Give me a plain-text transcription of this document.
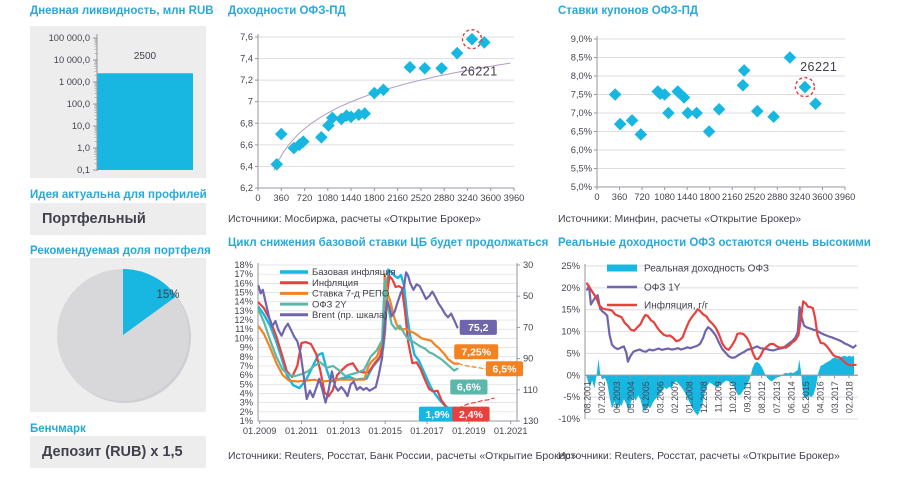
Дневная ликвидность, млн RUB
100 000,0
10 000,0
1 000,0
100,0
10,0
1,0
0,1
2500
Идея актуальна для профилей
Портфельный
Рекомендуемая доля портфеля
15%
Бенчмарк
Депозит (RUB) x 1,5
Доходности ОФЗ-ПД
6,2
6,4
6,6
6,8
7
7,2
7,4
7,6
0 360 720 1080 1440 1800 2160 2520 2880 3240 3600 3960
26221
Источники: Мосбиржа, расчеты «Открытие Брокер»
Цикл снижения базовой ставки ЦБ будет продолжаться
1%
2%
3%
4%
5%
6%
7%
8%
9%
10%
11%
12%
13%
14%
15%
16%
17%
18%	30
50
70
90
110
130
01.2009 01.2011 01.2013 01.2015 01.2017 01.2019 01.2021
Базовая инфляция
Инфляция
Ставка 7-д РЕПО
ОФЗ 2Y
Brent (пр. шкала)
75,2
7,25%
6,5%
6,6%
1,9% 2,4%
Источники: Reuters, Росстат, Банк России, расчеты «Открытие Брокер»
Ставки купонов ОФЗ-ПД
5,0%
5,5%
6,0%
6,5%
7,0%
7,5%
8,0%
8,5%
9,0%
0 360 720 1080 1440 1800 2160 2520 2880 3240 3600 3960
26221
Источники: Минфин, расчеты «Открытие Брокер»
Реальные доходности ОФЗ остаются очень высокими
25%
20%
15%
10%
5%
0%
-5%
-10%
08.2001 07.2002 06.2003 05.2004 04.2005 03.2006 02.2007 01.2008 12.2008 11.2009 10.2010 09.2011 08.2012 07.2013 06.2014 05.2015 04.2016 03.2017 02.2018
Реальная доходность ОФЗ
ОФЗ 1Y
Инфляция, г/г
Источники: Reuters, Росстат, расчеты «Открытие Брокер»
